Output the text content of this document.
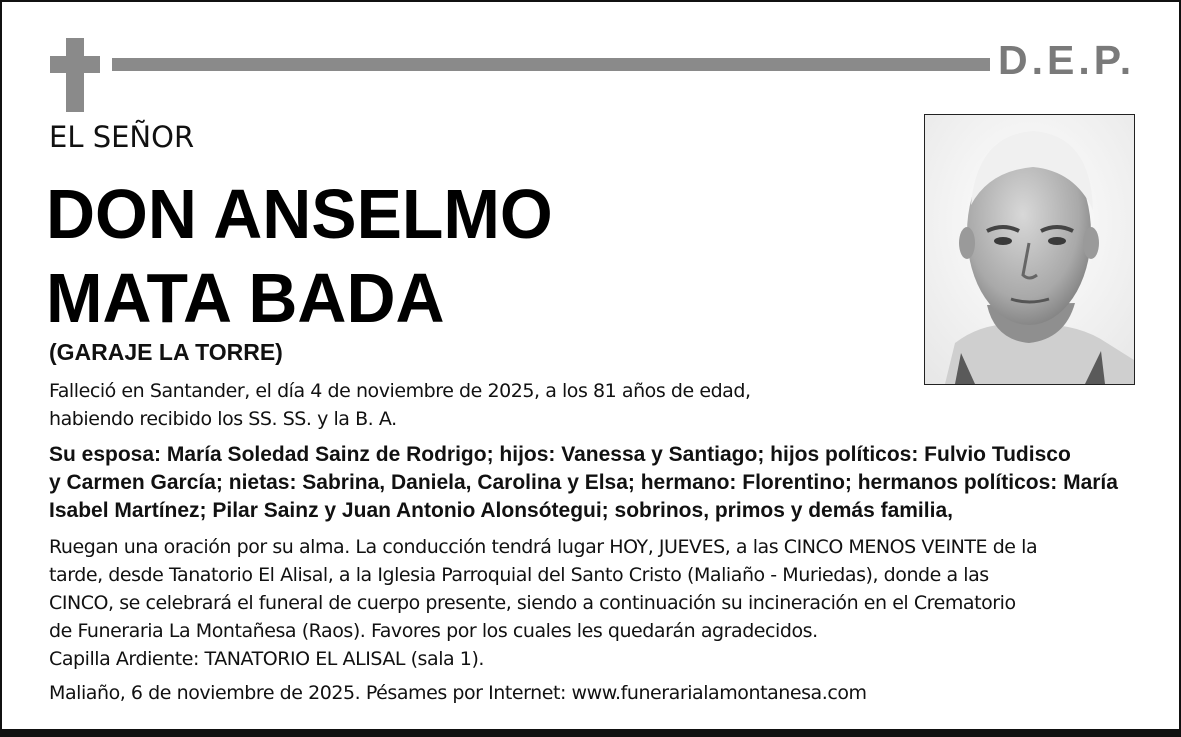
D.E.P.
EL SEÑOR
DON ANSELMO
MATA BADA
(GARAJE LA TORRE)
Falleció en Santander, el día 4 de noviembre de 2025, a los 81 años de edad,
habiendo recibido los SS. SS. y la B. A.
Su esposa: María Soledad Sainz de Rodrigo; hijos: Vanessa y Santiago; hijos políticos: Fulvio Tudisco
y Carmen García; nietas: Sabrina, Daniela, Carolina y Elsa; hermano: Florentino; hermanos políticos: María
Isabel Martínez; Pilar Sainz y Juan Antonio Alonsótegui; sobrinos, primos y demás familia,
Ruegan una oración por su alma. La conducción tendrá lugar HOY, JUEVES, a las CINCO MENOS VEINTE de la
tarde, desde Tanatorio El Alisal, a la Iglesia Parroquial del Santo Cristo (Maliaño - Muriedas), donde a las
CINCO, se celebrará el funeral de cuerpo presente, siendo a continuación su incineración en el Crematorio
de Funeraria La Montañesa (Raos). Favores por los cuales les quedarán agradecidos.
Capilla Ardiente: TANATORIO EL ALISAL (sala 1).
Maliaño, 6 de noviembre de 2025. Pésames por Internet: www.funerarialamontanesa.com
